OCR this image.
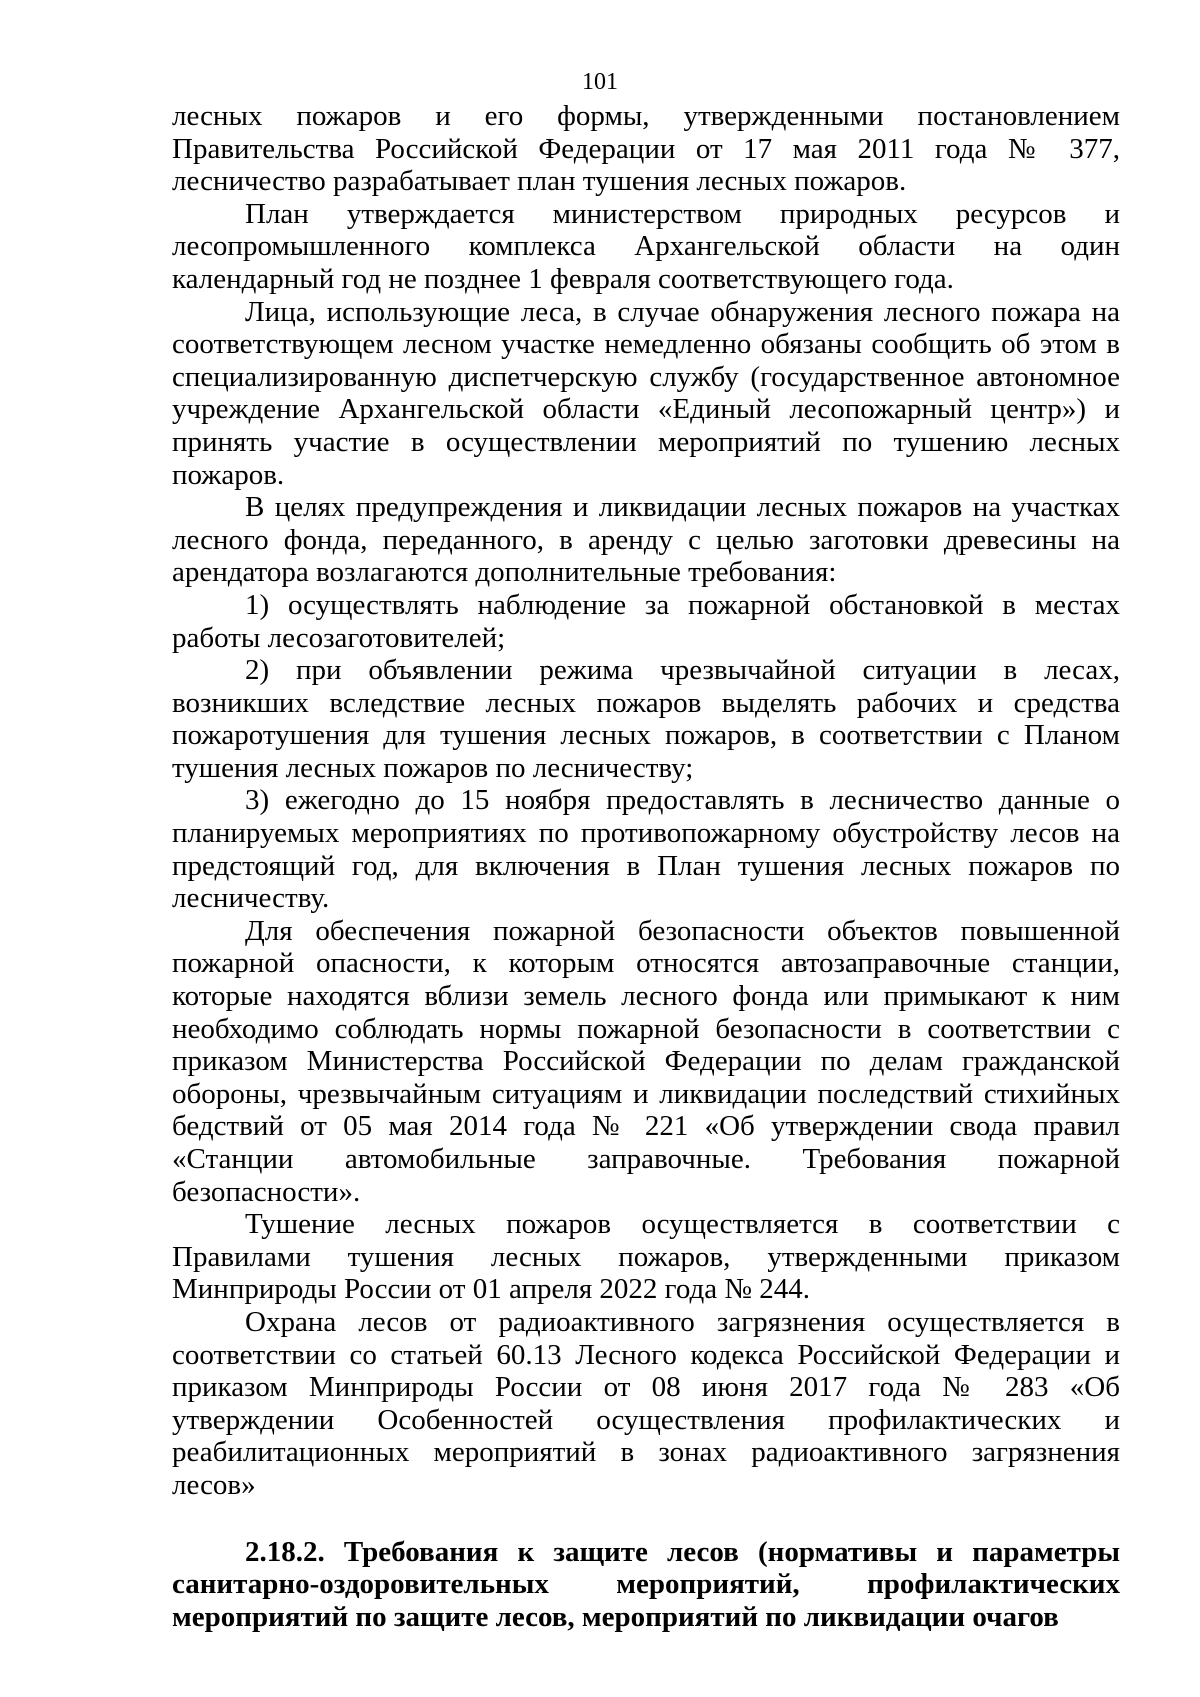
101

лесных пожаров и его формы, утвержденными постановлением Правительства Российской Федерации от 17 мая 2011 года № 377, лесничество разрабатывает план тушения лесных пожаров.

План утверждается министерством природных ресурсов и лесопромышленного комплекса Архангельской области на один календарный год не позднее 1 февраля соответствующего года.

Лица, использующие леса, в случае обнаружения лесного пожара на соответствующем лесном участке немедленно обязаны сообщить об этом в специализированную диспетчерскую службу (государственное автономное учреждение Архангельской области «Единый лесопожарный центр») и принять участие в осуществлении мероприятий по тушению лесных пожаров.

В целях предупреждения и ликвидации лесных пожаров на участках лесного фонда, переданного, в аренду с целью заготовки древесины на арендатора возлагаются дополнительные требования:

1) осуществлять наблюдение за пожарной обстановкой в местах работы лесозаготовителей;

2) при объявлении режима чрезвычайной ситуации в лесах, возникших вследствие лесных пожаров выделять рабочих и средства пожаротушения для тушения лесных пожаров, в соответствии с Планом тушения лесных пожаров по лесничеству;

3) ежегодно до 15 ноября предоставлять в лесничество данные о планируемых мероприятиях по противопожарному обустройству лесов на предстоящий год, для включения в План тушения лесных пожаров по лесничеству.

Для обеспечения пожарной безопасности объектов повышенной пожарной опасности, к которым относятся автозаправочные станции, которые находятся вблизи земель лесного фонда или примыкают к ним необходимо соблюдать нормы пожарной безопасности в соответствии с приказом Министерства Российской Федерации по делам гражданской обороны, чрезвычайным ситуациям и ликвидации последствий стихийных бедствий от 05 мая 2014 года № 221 «Об утверждении свода правил «Станции автомобильные заправочные. Требования пожарной безопасности».

Тушение лесных пожаров осуществляется в соответствии с Правилами тушения лесных пожаров, утвержденными приказом Минприроды России от 01 апреля 2022 года № 244.

Охрана лесов от радиоактивного загрязнения осуществляется в соответствии со статьей 60.13 Лесного кодекса Российской Федерации и приказом Минприроды России от 08 июня 2017 года № 283 «Об утверждении Особенностей осуществления профилактических и реабилитационных мероприятий в зонах радиоактивного загрязнения лесов»

2.18.2. Требования к защите лесов (нормативы и параметры санитарно-оздоровительных мероприятий, профилактических мероприятий по защите лесов, мероприятий по ликвидации очагов
